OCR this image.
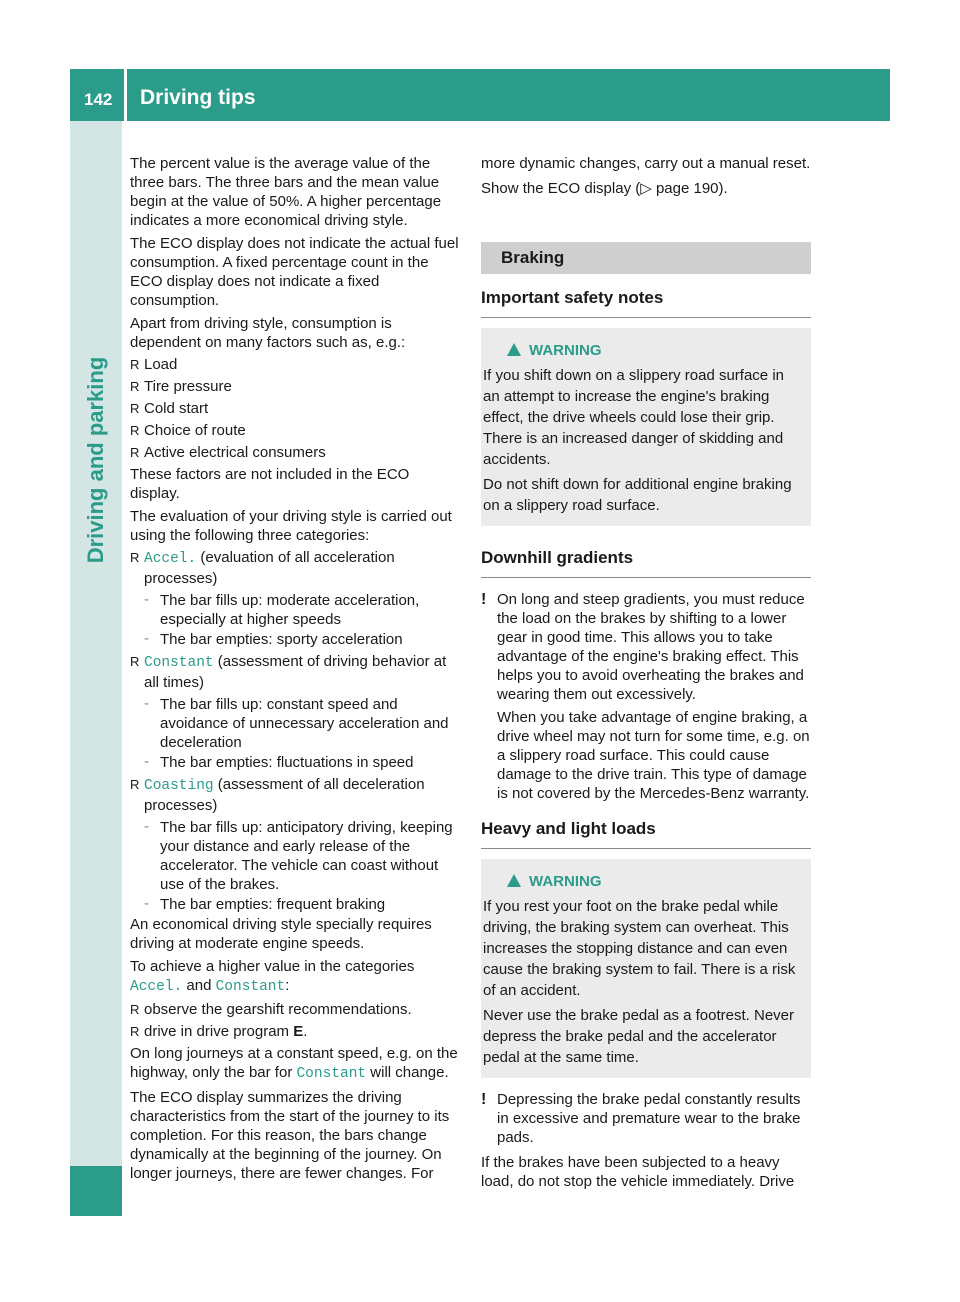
142 Driving tips
Driving and parking

The percent value is the average value of the three bars. The three bars and the mean value begin at the value of 50%. A higher percentage indicates a more economical driving style.

The ECO display does not indicate the actual fuel consumption. A fixed percentage count in the ECO display does not indicate a fixed consumption.

Apart from driving style, consumption is dependent on many factors such as, e.g.:

R Load
R Tire pressure
R Cold start
R Choice of route
R Active electrical consumers

These factors are not included in the ECO display.

The evaluation of your driving style is carried out using the following three categories:

R Accel. (evaluation of all acceleration processes)
- The bar fills up: moderate acceleration, especially at higher speeds
- The bar empties: sporty acceleration
R Constant (assessment of driving behavior at all times)
- The bar fills up: constant speed and avoidance of unnecessary acceleration and deceleration
- The bar empties: fluctuations in speed
R Coasting (assessment of all deceleration processes)
- The bar fills up: anticipatory driving, keeping your distance and early release of the accelerator. The vehicle can coast without use of the brakes.
- The bar empties: frequent braking

An economical driving style specially requires driving at moderate engine speeds.

To achieve a higher value in the categories Accel. and Constant:

R observe the gearshift recommendations.
R drive in drive program E.

On long journeys at a constant speed, e.g. on the highway, only the bar for Constant will change.

The ECO display summarizes the driving characteristics from the start of the journey to its completion. For this reason, the bars change dynamically at the beginning of the journey. On longer journeys, there are fewer changes. For

more dynamic changes, carry out a manual reset.

Show the ECO display (▷ page 190).

Braking
Important safety notes
WARNING

If you shift down on a slippery road surface in an attempt to increase the engine's braking effect, the drive wheels could lose their grip. There is an increased danger of skidding and accidents.

Do not shift down for additional engine braking on a slippery road surface.

Downhill gradients
! On long and steep gradients, you must reduce the load on the brakes by shifting to a lower gear in good time. This allows you to take advantage of the engine's braking effect. This helps you to avoid overheating the brakes and wearing them out excessively.

When you take advantage of engine braking, a drive wheel may not turn for some time, e.g. on a slippery road surface. This could cause damage to the drive train. This type of damage is not covered by the Mercedes-Benz warranty.

Heavy and light loads
WARNING

If you rest your foot on the brake pedal while driving, the braking system can overheat. This increases the stopping distance and can even cause the braking system to fail. There is a risk of an accident.

Never use the brake pedal as a footrest. Never depress the brake pedal and the accelerator pedal at the same time.

! Depressing the brake pedal constantly results in excessive and premature wear to the brake pads.

If the brakes have been subjected to a heavy load, do not stop the vehicle immediately. Drive
